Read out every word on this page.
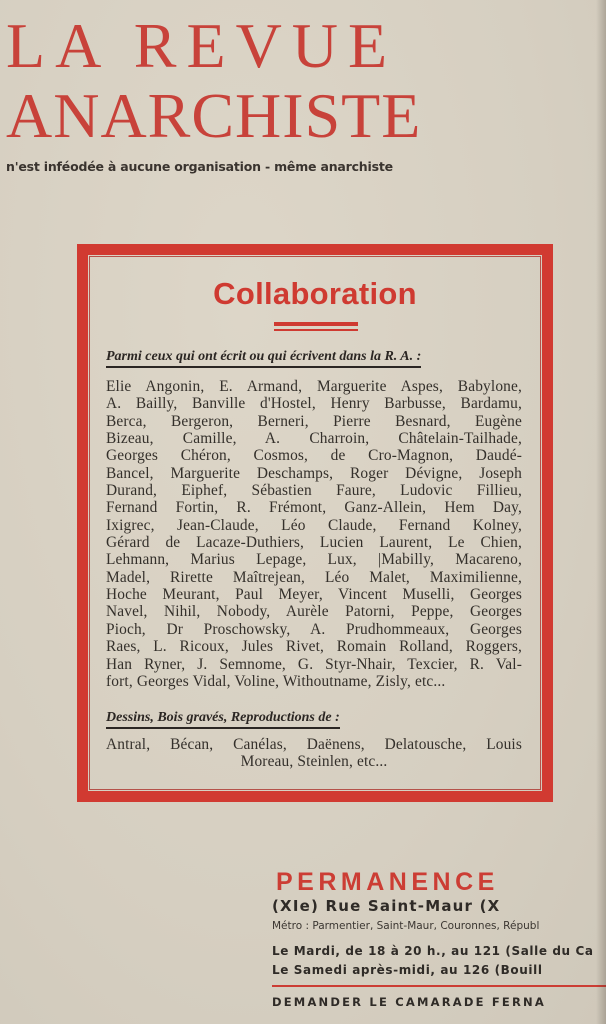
LA REVUE
ANARCHISTE
n'est inféodée à aucune organisation - même anarchiste
Collaboration
Parmi ceux qui ont écrit ou qui écrivent dans la R. A. :
Elie Angonin, E. Armand, Marguerite Aspes, Babylone,
A. Bailly, Banville d'Hostel, Henry Barbusse, Bardamu,
Berca, Bergeron, Berneri, Pierre Besnard, Eugène
Bizeau, Camille, A. Charroin, Châtelain-Tailhade,
Georges Chéron, Cosmos, de Cro-Magnon, Daudé-
Bancel, Marguerite Deschamps, Roger Dévigne, Joseph
Durand, Eiphef, Sébastien Faure, Ludovic Fillieu,
Fernand Fortin, R. Frémont, Ganz-Allein, Hem Day,
Ixigrec, Jean-Claude, Léo Claude, Fernand Kolney,
Gérard de Lacaze-Duthiers, Lucien Laurent, Le Chien,
Lehmann, Marius Lepage, Lux, |Mabilly, Macareno,
Madel, Rirette Maîtrejean, Léo Malet, Maximilienne,
Hoche Meurant, Paul Meyer, Vincent Muselli, Georges
Navel, Nihil, Nobody, Aurèle Patorni, Peppe, Georges
Pioch, Dr Proschowsky, A. Prudhommeaux, Georges
Raes, L. Ricoux, Jules Rivet, Romain Rolland, Roggers,
Han Ryner, J. Semnome, G. Styr-Nhair, Texcier, R. Val-
fort, Georges Vidal, Voline, Withoutname, Zisly, etc...
Dessins, Bois gravés, Reproductions de :
Antral, Bécan, Canélas, Daënens, Delatousche, Louis
Moreau, Steinlen, etc...
PERMANENCE
(XIe) Rue Saint-Maur (X
Métro : Parmentier, Saint-Maur, Couronnes, Républ
Le Mardi, de 18 à 20 h., au 121 (Salle du Ca
Le Samedi après-midi, au 126 (Bouill
DEMANDER LE CAMARADE FERNA
